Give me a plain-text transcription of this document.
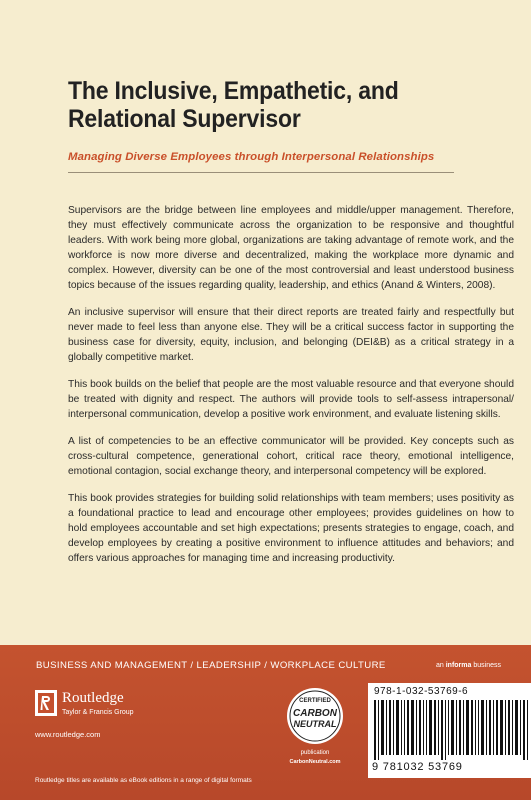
The Inclusive, Empathetic, and
Relational Supervisor
Managing Diverse Employees through Interpersonal Relationships

Supervisors are the bridge between line employees and middle/upper management. Therefore, they must effectively communicate across the organization to be responsive and thoughtful leaders. With work being more global, organizations are taking advantage of remote work, and the workforce is now more diverse and decentralized, making the workplace more dynamic and complex. However, diversity can be one of the most controversial and least understood business topics because of the issues regarding quality, leadership, and ethics (Anand & Winters, 2008).

An inclusive supervisor will ensure that their direct reports are treated fairly and respectfully but never made to feel less than anyone else. They will be a critical success factor in supporting the business case for diversity, equity, inclusion, and belonging (DEI&B) as a critical strategy in a globally competitive market.

This book builds on the belief that people are the most valuable resource and that everyone should be treated with dignity and respect. The authors will provide tools to self-assess intrapersonal/ interpersonal communication, develop a positive work environment, and evaluate listening skills.

A list of competencies to be an effective communicator will be provided. Key concepts such as cross-cultural competence, generational cohort, critical race theory, emotional intelligence, emotional contagion, social exchange theory, and interpersonal competency will be explored.

This book provides strategies for building solid relationships with team members; uses positivity as a foundational practice to lead and encourage other employees; provides guidelines on how to hold employees accountable and set high expectations; presents strategies to engage, coach, and develop employees by creating a positive environment to influence attitudes and behaviors; and offers various approaches for managing time and increasing productivity.

BUSINESS AND MANAGEMENT / LEADERSHIP / WORKPLACE CULTURE	an informa business
Routledge
Taylor & Francis Group
www.routledge.com
Routledge titles are available as eBook editions in a range of digital formats
CERTIFIED
CARBON
NEUTRAL
publication
CarbonNeutral.com
978-1-032-53769-6
9 781032 53769
